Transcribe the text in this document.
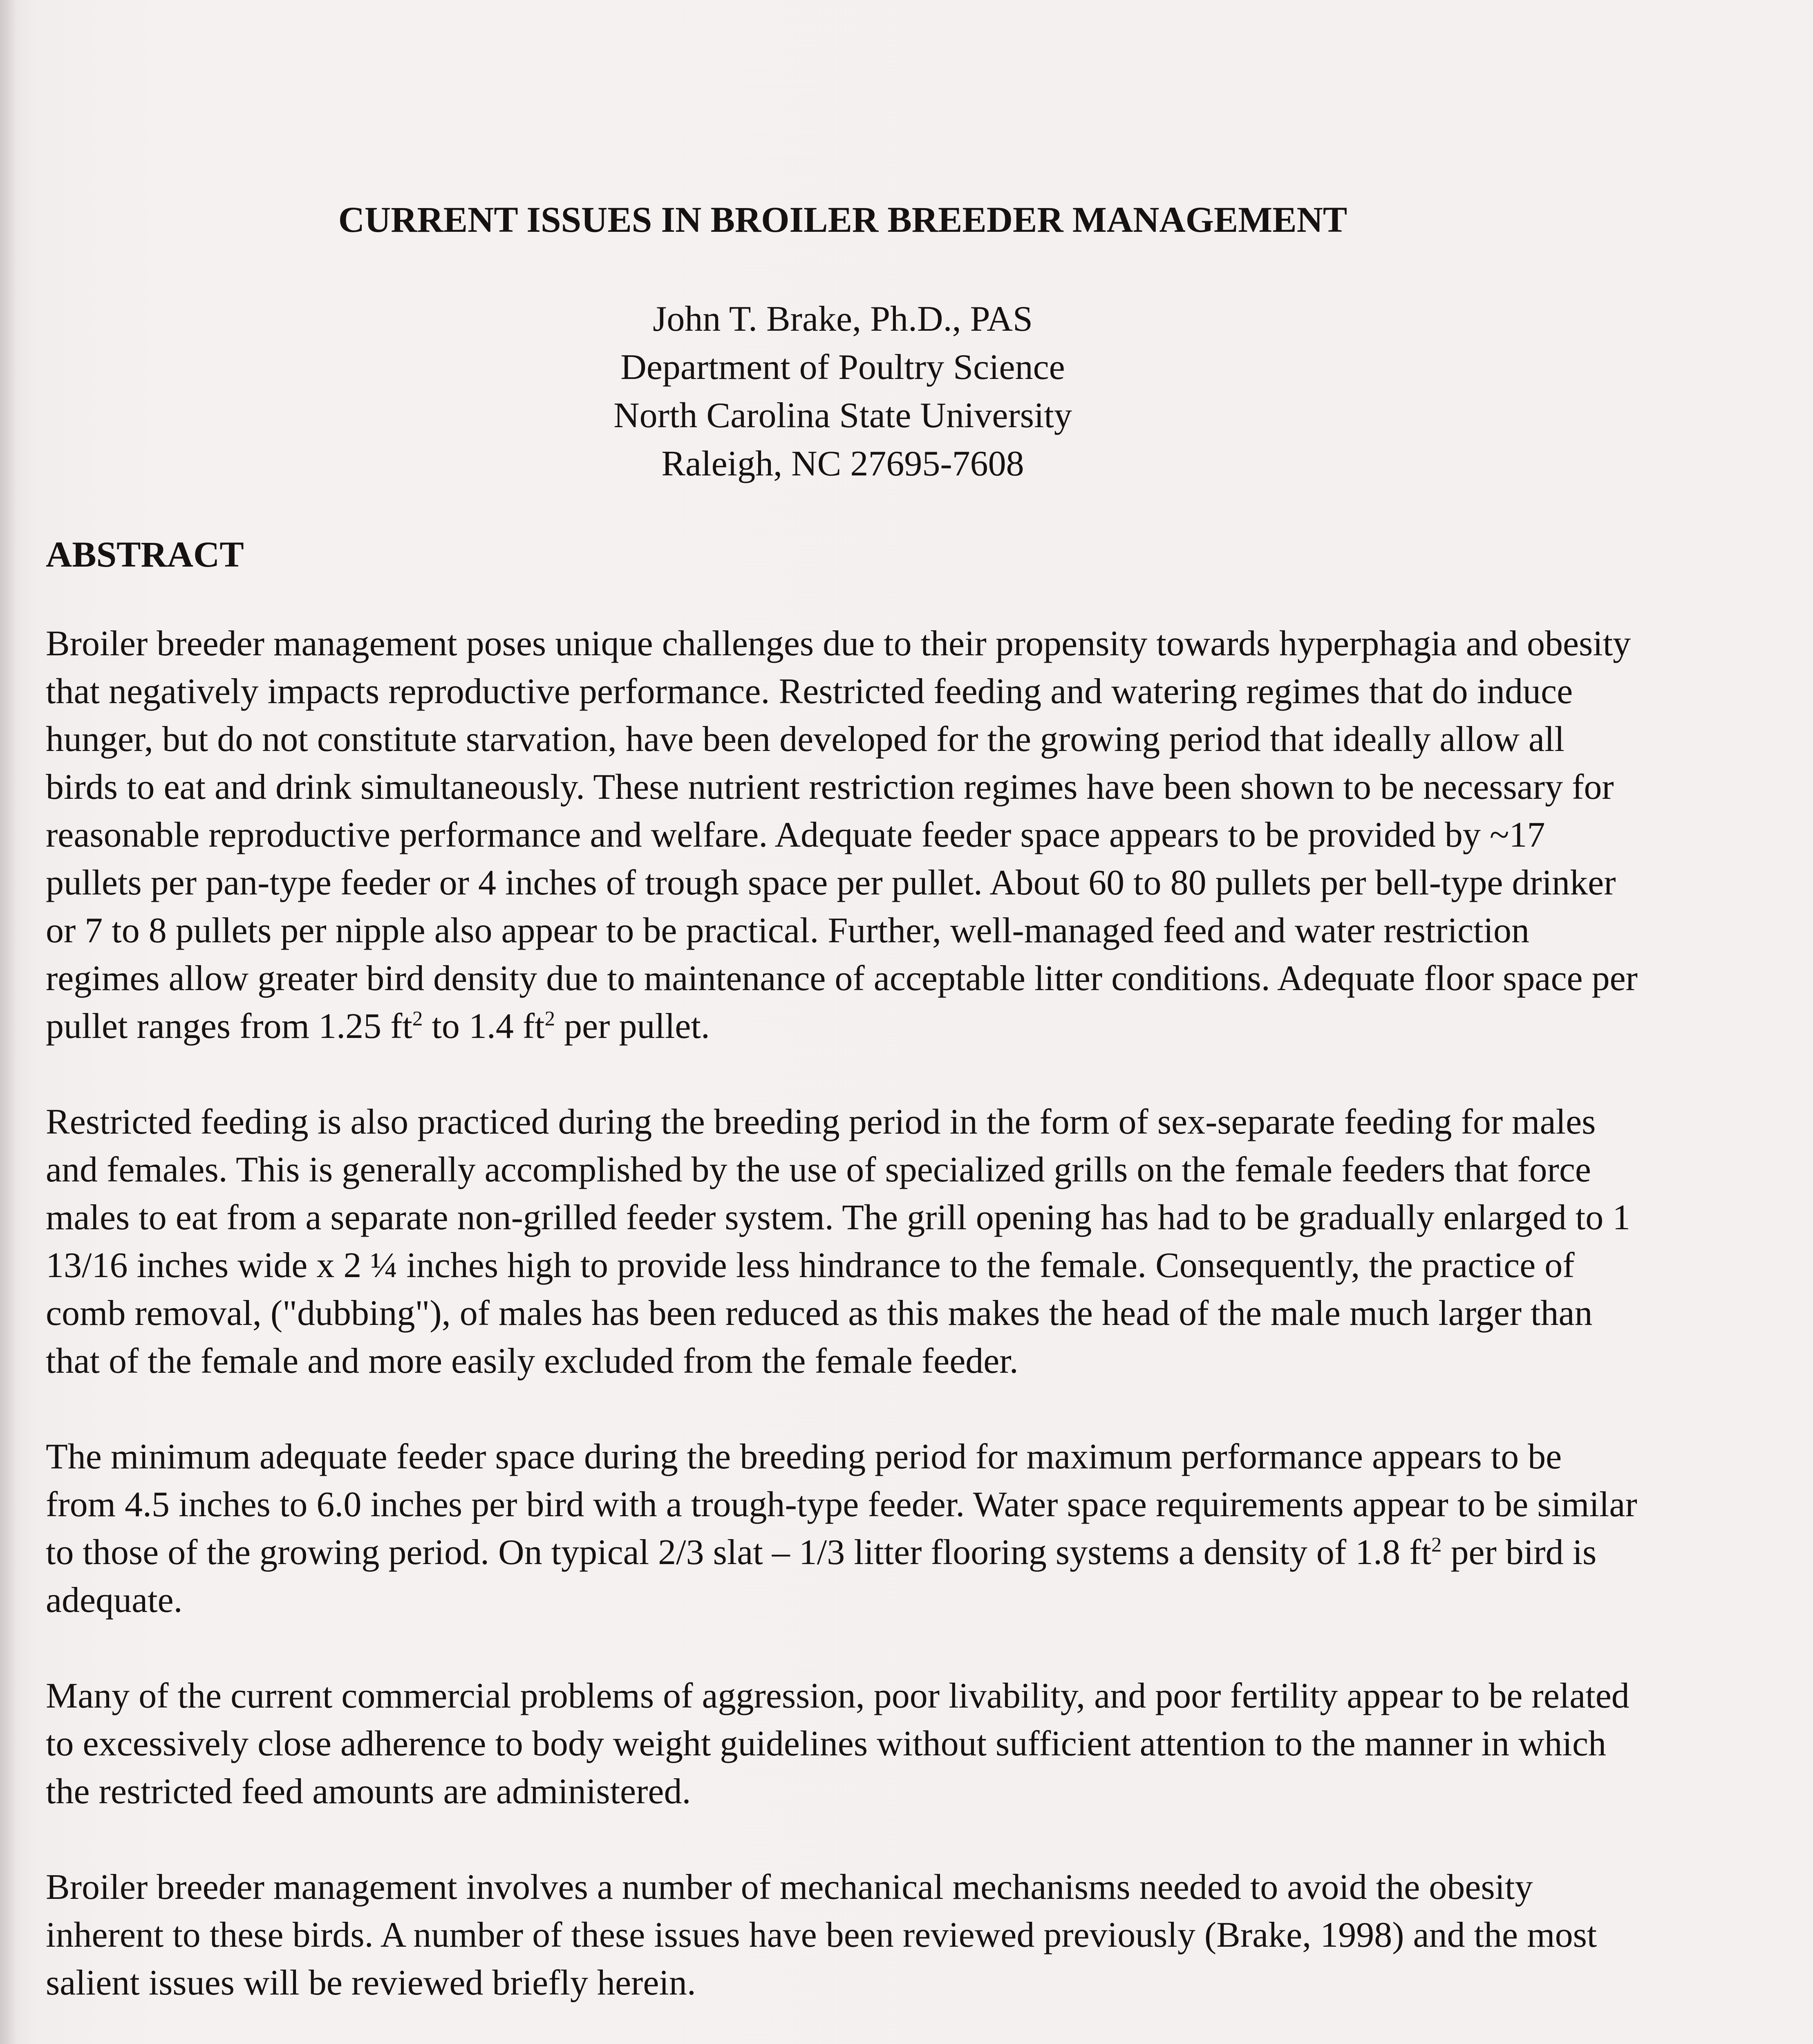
CURRENT ISSUES IN BROILER BREEDER MANAGEMENT
John T. Brake, Ph.D., PAS
Department of Poultry Science
North Carolina State University
Raleigh, NC 27695-7608
ABSTRACT

Broiler breeder management poses unique challenges due to their propensity towards hyperphagia and obesity that negatively impacts reproductive performance. Restricted feeding and watering regimes that do induce hunger, but do not constitute starvation, have been developed for the growing period that ideally allow all birds to eat and drink simultaneously. These nutrient restriction regimes have been shown to be necessary for reasonable reproductive performance and welfare. Adequate feeder space appears to be provided by ~17 pullets per pan-type feeder or 4 inches of trough space per pullet. About 60 to 80 pullets per bell-type drinker or 7 to 8 pullets per nipple also appear to be practical. Further, well-managed feed and water restriction regimes allow greater bird density due to maintenance of acceptable litter conditions. Adequate floor space per pullet ranges from 1.25 $ft^2$ to 1.4 $ft^2$ per pullet.

Restricted feeding is also practiced during the breeding period in the form of sex-separate feeding for males and females. This is generally accomplished by the use of specialized grills on the female feeders that force males to eat from a separate non-grilled feeder system. The grill opening has had to be gradually enlarged to 1 13/16 inches wide x 2 ¼ inches high to provide less hindrance to the female. Consequently, the practice of comb removal, ("dubbing"), of males has been reduced as this makes the head of the male much larger than that of the female and more easily excluded from the female feeder.

The minimum adequate feeder space during the breeding period for maximum performance appears to be from 4.5 inches to 6.0 inches per bird with a trough-type feeder. Water space requirements appear to be similar to those of the growing period. On typical 2/3 slat – 1/3 litter flooring systems a density of 1.8 $ft^2$ per bird is adequate.

Many of the current commercial problems of aggression, poor livability, and poor fertility appear to be related to excessively close adherence to body weight guidelines without sufficient attention to the manner in which the restricted feed amounts are administered.

Broiler breeder management involves a number of mechanical mechanisms needed to avoid the obesity inherent to these birds. A number of these issues have been reviewed previously (Brake, 1998) and the most salient issues will be reviewed briefly herein.
